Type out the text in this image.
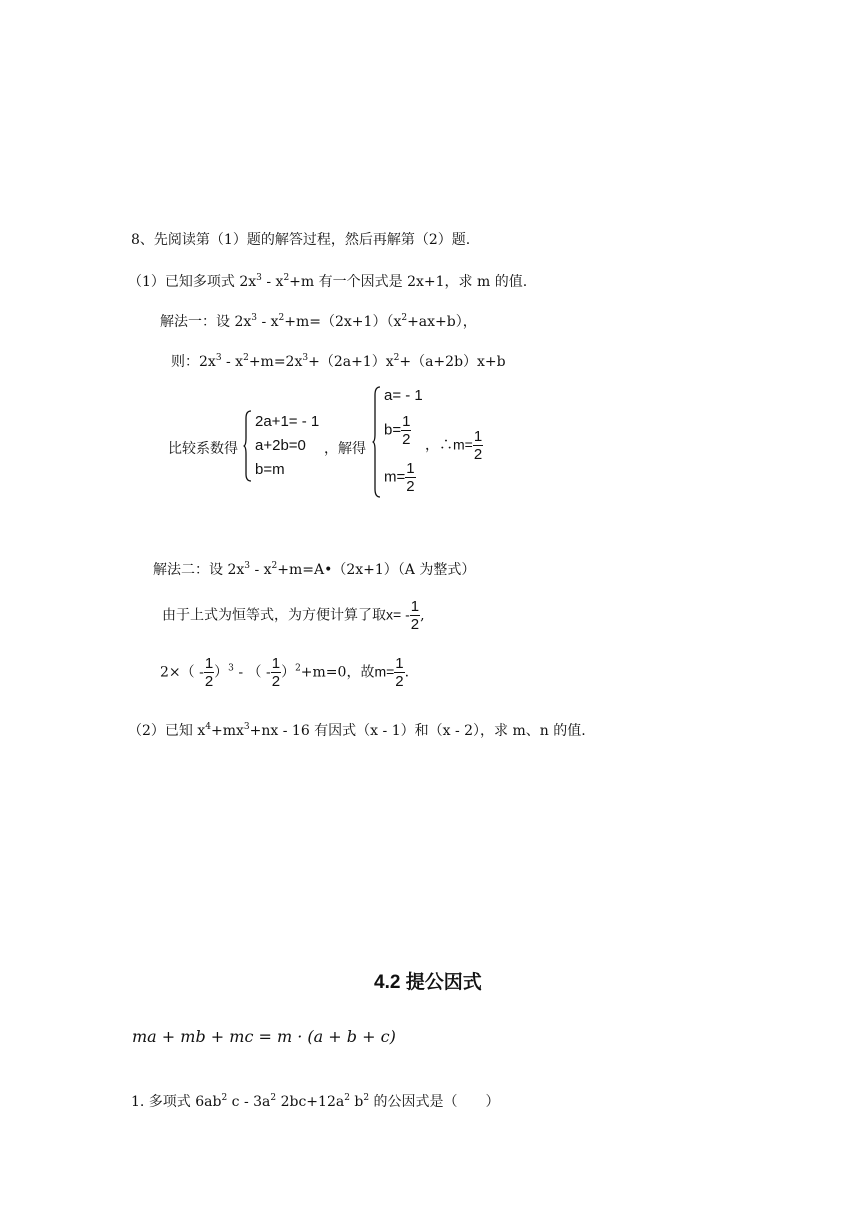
8、先阅读第（1）题的解答过程，然后再解第（2）题.
（1）已知多项式 $2x^3 - x^2+m$ 有一个因式是 2x+1，求 m 的值.
解法一：设 $2x^3 - x^2+m=(2x+1)(x^2+ax+b)$，
则：$2x^3 - x^2+m=2x^3+(2a+1)x^2+(a+2b)x+b$
比较系数得
2a+1= - 1
a+2b=0
b=m
，解得
a= - 1
$b= \frac{1}{2}$
$m= \frac{1}{2}$
，∴m= $\frac{1}{2}$
解法二：设 $2x^3$ - $x^2+m=A•(2x+1)(A$ 为整式）
由于上式为恒等式，为方便计算了取$x= - \frac{1}{2}$ ,
$2\times( - \frac{1}{2} )^3$ - （ - $\frac{1}{2} )^2+m=0$，故$m= \frac{1}{2}$ .
（2）已知 $x^4+mx^3+nx - 16$ 有因式（x - 1）和（x - 2），求 m、n 的值.
4.2 提公因式
ma + mb + mc = m · (a + b + c)
1. 多项式 $6ab^2$ c - $3a^2$ $2bc+12a^2$ $b^2$ 的公因式是（　　）
